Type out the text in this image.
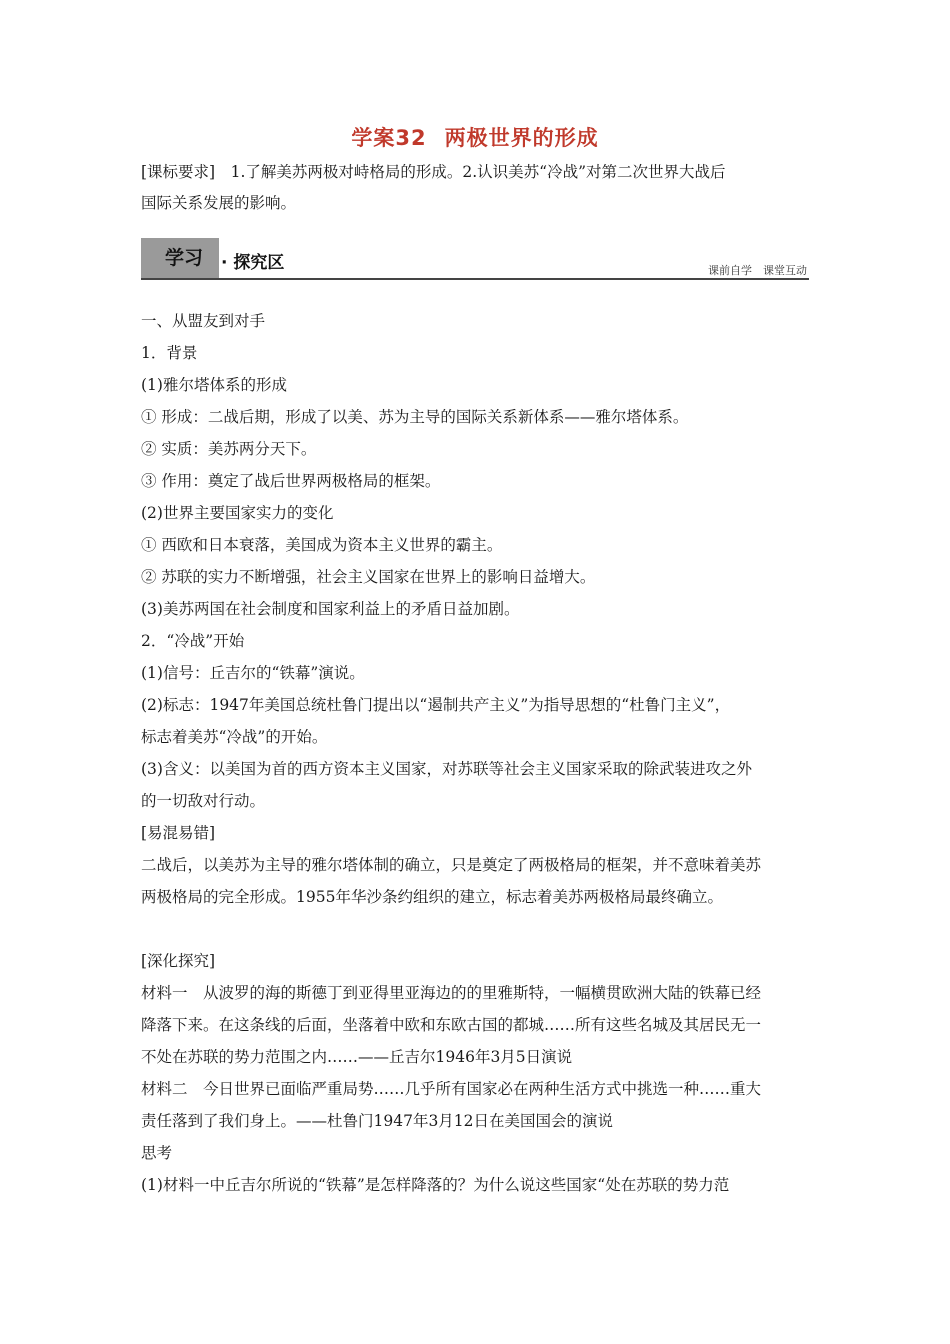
学案32 两极世界的形成
[课标要求]　1.了解美苏两极对峙格局的形成。2.认识美苏“冷战”对第二次世界大战后
国际关系发展的影响。
学习	· 探究区	课前自学　课堂互动
一、从盟友到对手
1．背景
(1)雅尔塔体系的形成
① 形成：二战后期，形成了以美、苏为主导的国际关系新体系——雅尔塔体系。
② 实质：美苏两分天下。
③ 作用：奠定了战后世界两极格局的框架。
(2)世界主要国家实力的变化
① 西欧和日本衰落，美国成为资本主义世界的霸主。
② 苏联的实力不断增强，社会主义国家在世界上的影响日益增大。
(3)美苏两国在社会制度和国家利益上的矛盾日益加剧。
2．“冷战”开始
(1)信号：丘吉尔的“铁幕”演说。
(2)标志：1947年美国总统杜鲁门提出以“遏制共产主义”为指导思想的“杜鲁门主义”，
标志着美苏“冷战”的开始。
(3)含义：以美国为首的西方资本主义国家，对苏联等社会主义国家采取的除武装进攻之外
的一切敌对行动。
[易混易错]
二战后，以美苏为主导的雅尔塔体制的确立，只是奠定了两极格局的框架，并不意味着美苏
两极格局的完全形成。1955年华沙条约组织的建立，标志着美苏两极格局最终确立。
[深化探究]
材料一　从波罗的海的斯德丁到亚得里亚海边的的里雅斯特，一幅横贯欧洲大陆的铁幕已经
降落下来。在这条线的后面，坐落着中欧和东欧古国的都城……所有这些名城及其居民无一
不处在苏联的势力范围之内……——丘吉尔1946年3月5日演说
材料二　今日世界已面临严重局势……几乎所有国家必在两种生活方式中挑选一种……重大
责任落到了我们身上。——杜鲁门1947年3月12日在美国国会的演说
思考
(1)材料一中丘吉尔所说的“铁幕”是怎样降落的？为什么说这些国家“处在苏联的势力范
